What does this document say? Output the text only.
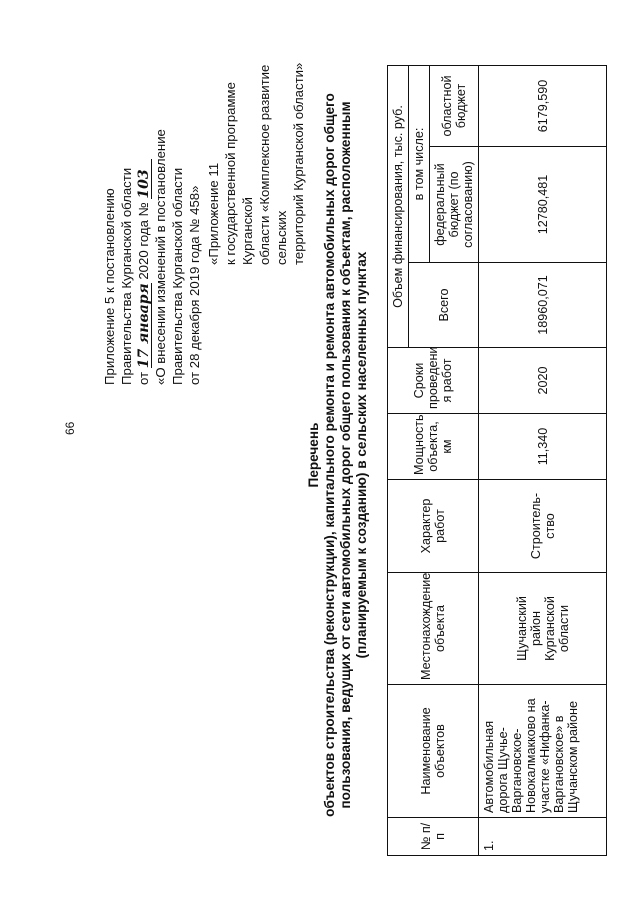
66
Приложение 5 к постановлению Правительства Курганской области от 17 января 2020 года № 103 «О внесении изменений в постановление Правительства Курганской области от 28 декабря 2019 года № 458» «Приложение 11 к государственной программе Курганской области «Комплексное развитие сельских территорий Курганской области»
Перечень объектов строительства (реконструкции), капитального ремонта и ремонта автомобильных дорог общего пользования, ведущих от сети автомобильных дорог общего пользования к объектам, расположенным (планируемым к созданию) в сельских населенных пунктах
№ п/п	Наименование объектов	Местонахождение объекта	Характер работ	Мощность объекта, км	Сроки проведени я работ	Объем финансирования, тыс. руб.		
						Всего	в том числе:	
							федеральный бюджет (по согласованию)	областной бюджет
1.	Автомобильная дорога Щучье-Варгановское-Новокалмакково на участке «Нифанка-Варгановское» в Щучанском районе	Щучанский район Курганской области	Строитель-ство	11,340	2020	18960,071	12780,481	6179,590
